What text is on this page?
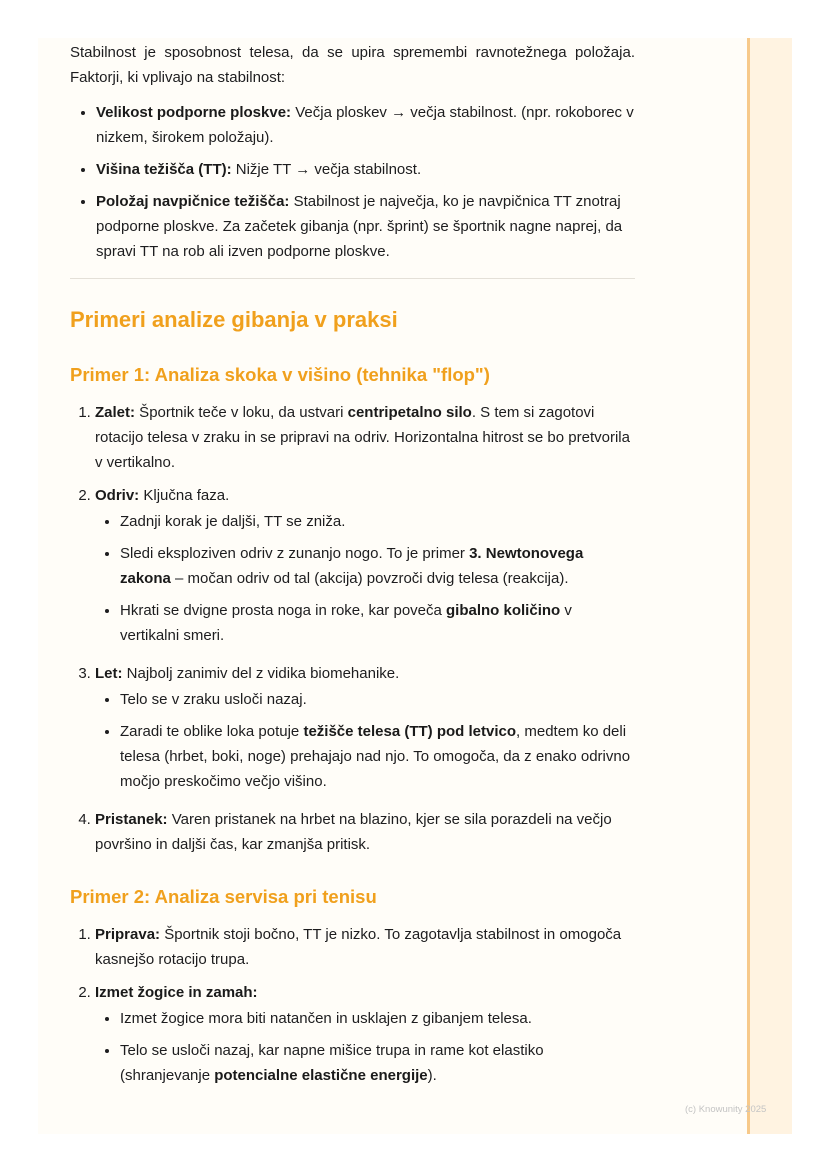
Stabilnost je sposobnost telesa, da se upira spremembi ravnotežnega položaja. Faktorji, ki vplivajo na stabilnost:

• Velikost podporne ploskve: Večja ploskev → večja stabilnost. (npr. rokoborec v nizkem, širokem položaju).
• Višina težišča (TT): Nižje TT → večja stabilnost.
• Položaj navpičnice težišča: Stabilnost je največja, ko je navpičnica TT znotraj podporne ploskve. Za začetek gibanja (npr. šprint) se športnik nagne naprej, da spravi TT na rob ali izven podporne ploskve.
Primeri analize gibanja v praksi
Primer 1: Analiza skoka v višino (tehnika "flop")
1. Zalet: Športnik teče v loku, da ustvari centripetalno silo. S tem si zagotovi rotacijo telesa v zraku in se pripravi na odriv. Horizontalna hitrost se bo pretvorila v vertikalno.
2. Odriv: Ključna faza.
• Zadnji korak je daljši, TT se zniža.
• Sledi eksploziven odriv z zunanjo nogo. To je primer 3. Newtonovega zakona – močan odriv od tal (akcija) povzroči dvig telesa (reakcija).
• Hkrati se dvigne prosta noga in roke, kar poveča gibalno količino v vertikalni smeri.
3. Let: Najbolj zanimiv del z vidika biomehanike.
• Telo se v zraku usloči nazaj.
• Zaradi te oblike loka potuje težišče telesa (TT) pod letvico, medtem ko deli telesa (hrbet, boki, noge) prehajajo nad njo. To omogoča, da z enako odrivno močjo preskočimo večjo višino.
4. Pristanek: Varen pristanek na hrbet na blazino, kjer se sila porazdeli na večjo površino in daljši čas, kar zmanjša pritisk.
Primer 2: Analiza servisa pri tenisu
1. Priprava: Športnik stoji bočno, TT je nizko. To zagotavlja stabilnost in omogoča kasnejšo rotacijo trupa.
2. Izmet žogice in zamah:
• Izmet žogice mora biti natančen in usklajen z gibanjem telesa.
• Telo se usloči nazaj, kar napne mišice trupa in rame kot elastiko (shranjevanje potencialne elastične energije).
(c) Knowunity 2025
